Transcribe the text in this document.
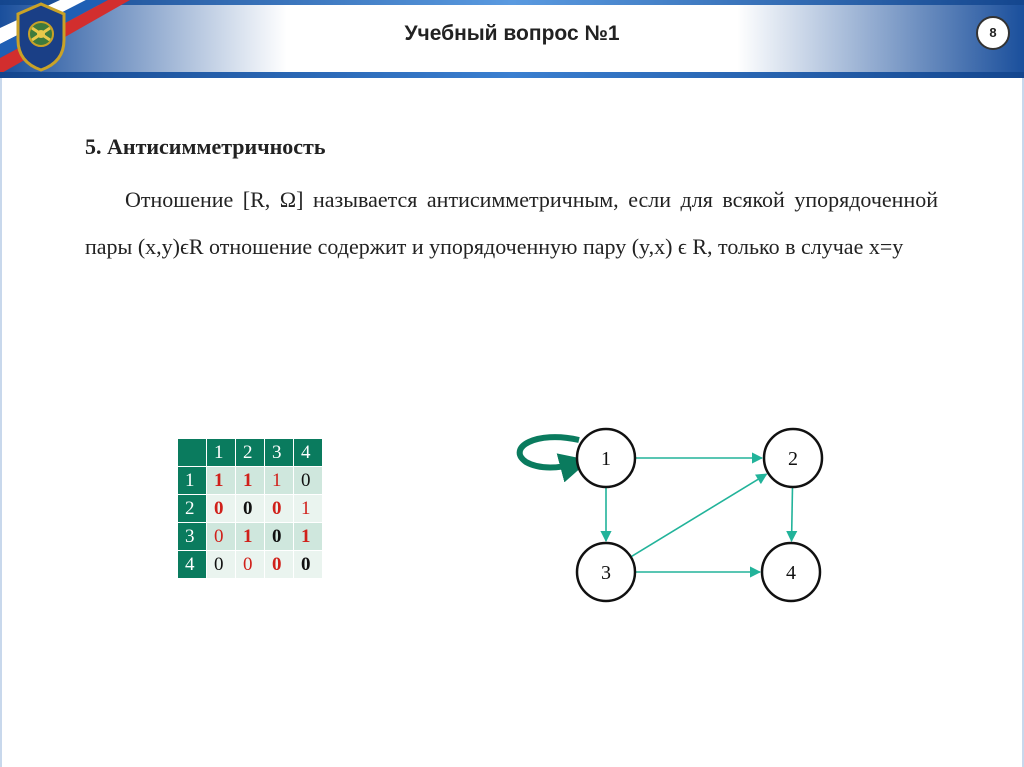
Учебный вопрос №1	8
5. Антисимметричность

Отношение [R, Ω] называется антисимметричным, если для всякой упорядоченной пары (x,y)ϵR отношение содержит и упорядоченную пару (y,x) ϵ R, только в случае x=y

	1	2	3	4
1	1	1	1	0
2	0	0	0	1
3	0	1	0	1
4	0	0	0	0
1	2
3	4
